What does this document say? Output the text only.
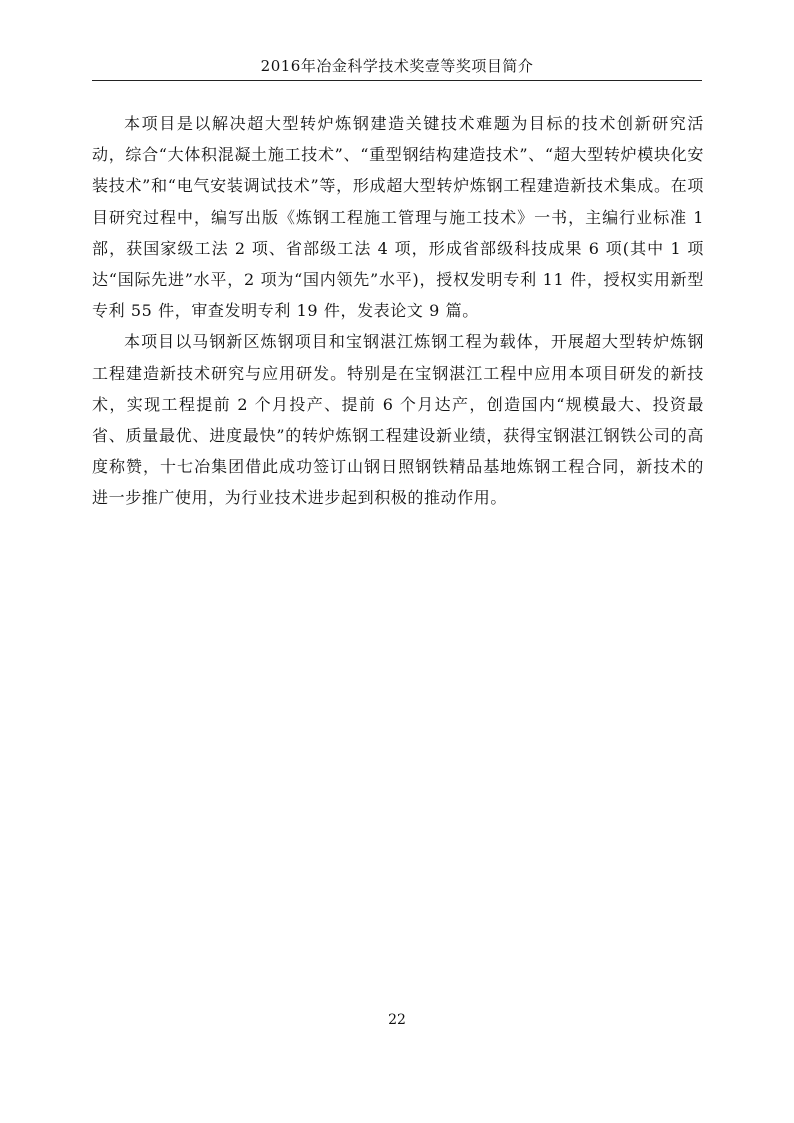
2016年冶金科学技术奖壹等奖项目简介

本项目是以解决超大型转炉炼钢建造关键技术难题为目标的技术创新研究活动，综合“大体积混凝土施工技术”、“重型钢结构建造技术”、“超大型转炉模块化安装技术”和“电气安装调试技术”等，形成超大型转炉炼钢工程建造新技术集成。在项目研究过程中，编写出版《炼钢工程施工管理与施工技术》一书，主编行业标准 1部，获国家级工法 2 项、省部级工法 4 项，形成省部级科技成果 6 项(其中 1 项达“国际先进”水平，2 项为“国内领先”水平)，授权发明专利 11 件，授权实用新型专利 55 件，审查发明专利 19 件，发表论文 9 篇。

本项目以马钢新区炼钢项目和宝钢湛江炼钢工程为载体，开展超大型转炉炼钢工程建造新技术研究与应用研发。特别是在宝钢湛江工程中应用本项目研发的新技术，实现工程提前 2 个月投产、提前 6 个月达产，创造国内“规模最大、投资最省、质量最优、进度最快”的转炉炼钢工程建设新业绩，获得宝钢湛江钢铁公司的高度称赞，十七冶集团借此成功签订山钢日照钢铁精品基地炼钢工程合同，新技术的进一步推广使用，为行业技术进步起到积极的推动作用。

22
